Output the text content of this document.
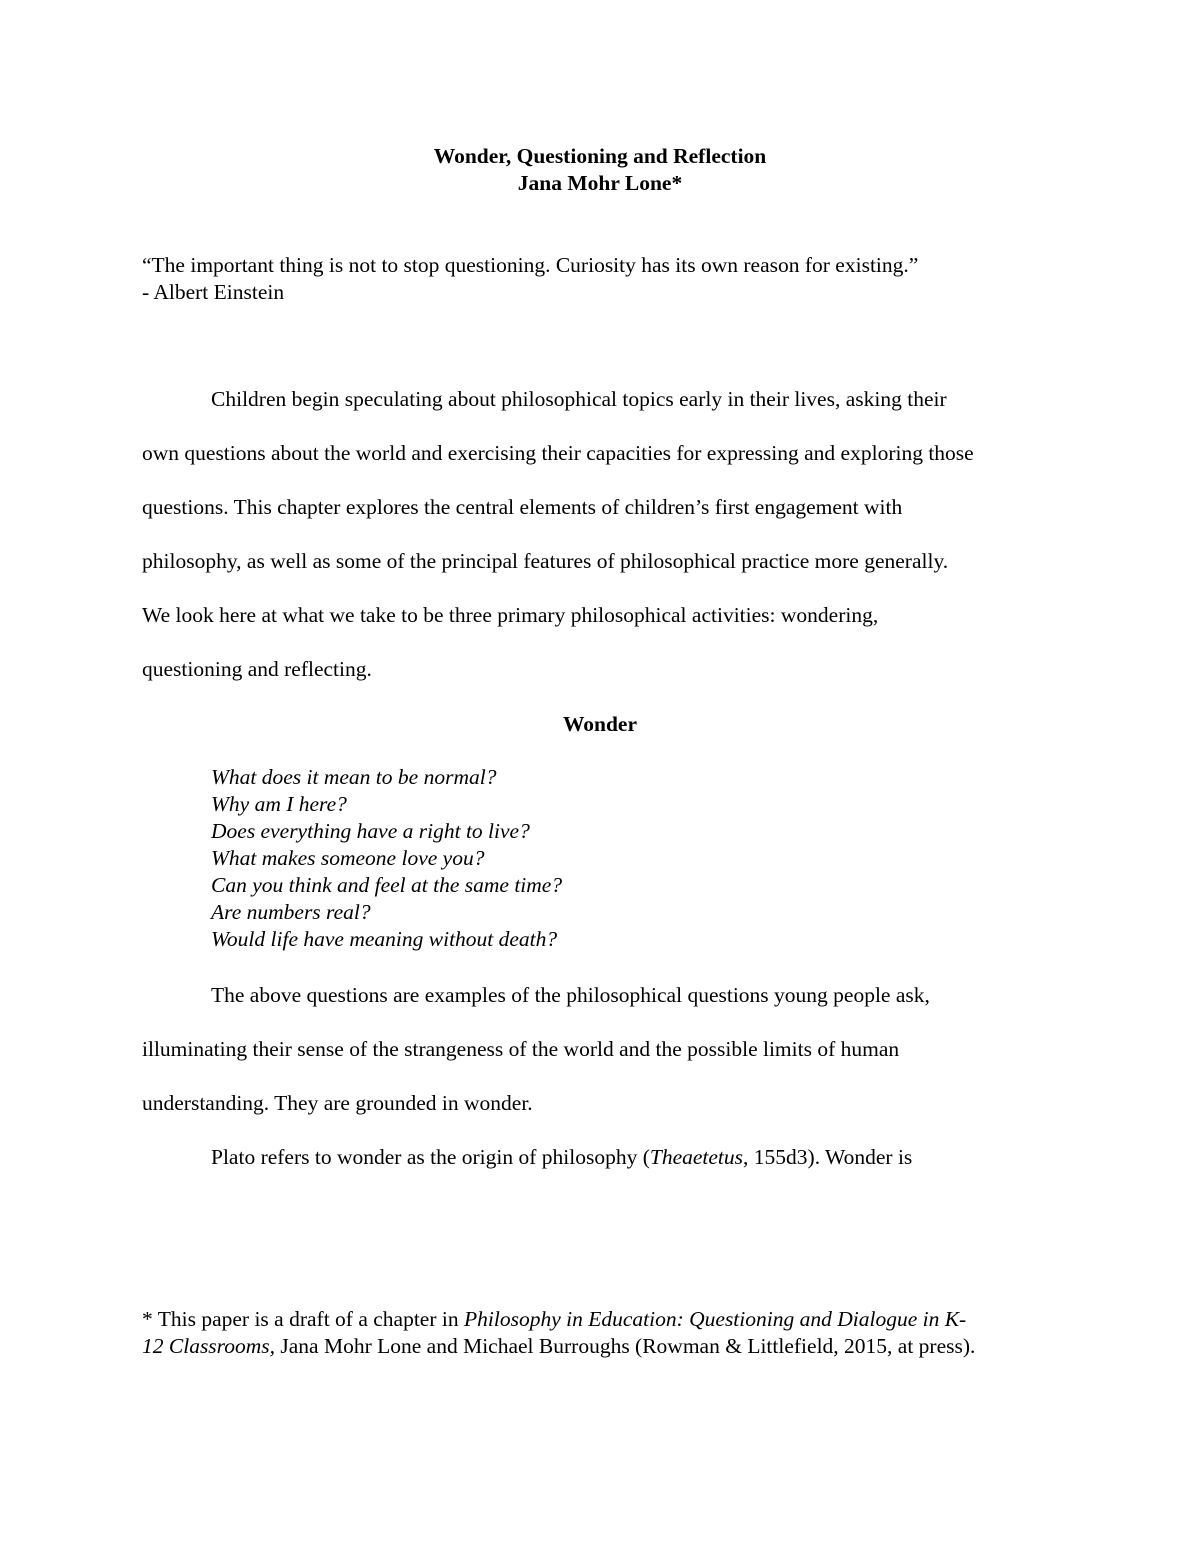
Wonder, Questioning and Reflection

Jana Mohr Lone*

“The important thing is not to stop questioning. Curiosity has its own reason for existing.”

- Albert Einstein

Children begin speculating about philosophical topics early in their lives, asking their

own questions about the world and exercising their capacities for expressing and exploring those

questions. This chapter explores the central elements of children’s first engagement with

philosophy, as well as some of the principal features of philosophical practice more generally.

We look here at what we take to be three primary philosophical activities: wondering,

questioning and reflecting.

Wonder

What does it mean to be normal?

Why am I here?

Does everything have a right to live?

What makes someone love you?

Can you think and feel at the same time?

Are numbers real?

Would life have meaning without death?

The above questions are examples of the philosophical questions young people ask,

illuminating their sense of the strangeness of the world and the possible limits of human

understanding. They are grounded in wonder.

Plato refers to wonder as the origin of philosophy (Theaetetus, 155d3). Wonder is

* This paper is a draft of a chapter in Philosophy in Education: Questioning and Dialogue in K-

12 Classrooms, Jana Mohr Lone and Michael Burroughs (Rowman & Littlefield, 2015, at press).
